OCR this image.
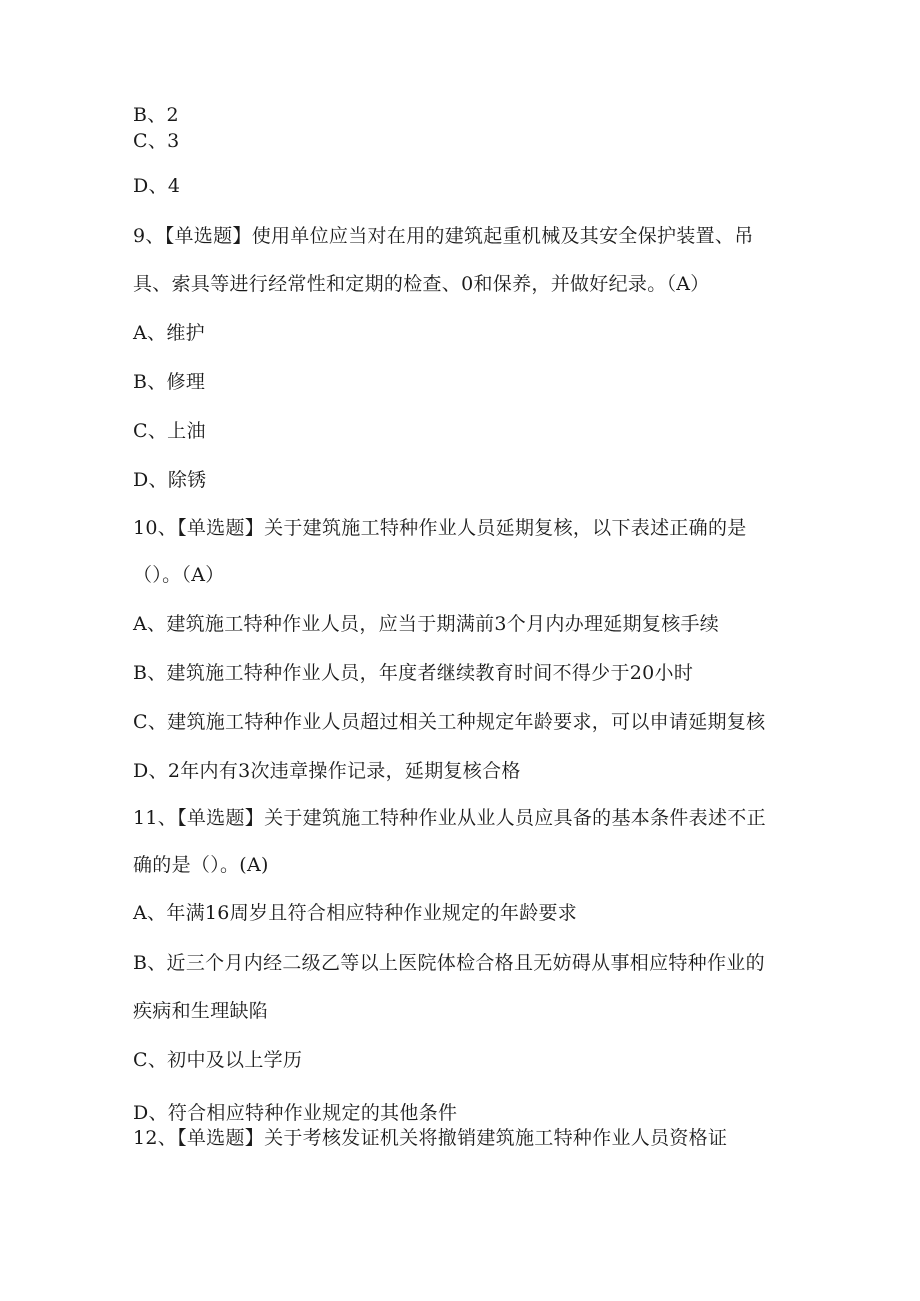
B、2
C、3
D、4
9、【单选题】使用单位应当对在用的建筑起重机械及其安全保护装置、吊
具、索具等进行经常性和定期的检查、0和保养，并做好纪录。（A）
A、维护
B、修理
C、上油
D、除锈
10、【单选题】关于建筑施工特种作业人员延期复核，以下表述正确的是
（）。（A）
A、建筑施工特种作业人员，应当于期满前3个月内办理延期复核手续
B、建筑施工特种作业人员，年度者继续教育时间不得少于20小时
C、建筑施工特种作业人员超过相关工种规定年龄要求，可以申请延期复核
D、2年内有3次违章操作记录，延期复核合格
11、【单选题】关于建筑施工特种作业从业人员应具备的基本条件表述不正
确的是（）。(A)
A、年满16周岁且符合相应特种作业规定的年龄要求
B、近三个月内经二级乙等以上医院体检合格且无妨碍从事相应特种作业的
疾病和生理缺陷
C、初中及以上学历
D、符合相应特种作业规定的其他条件
12、【单选题】关于考核发证机关将撤销建筑施工特种作业人员资格证
